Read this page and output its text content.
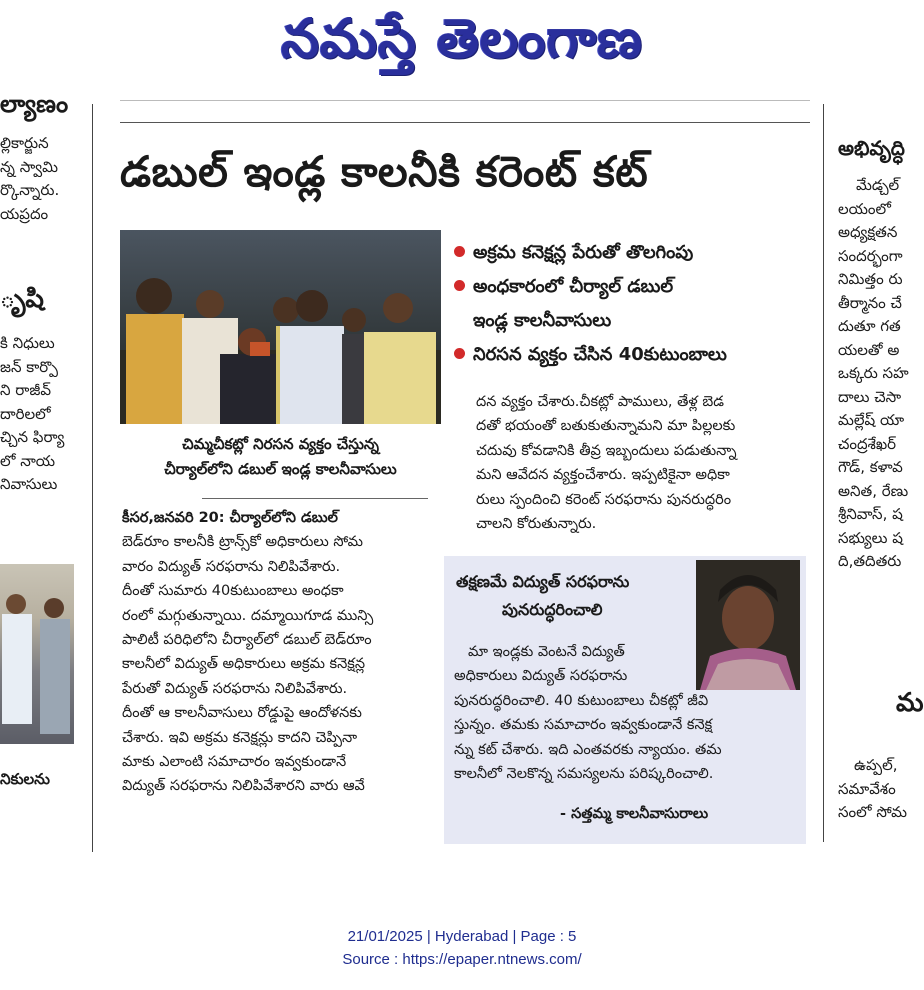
నమస్తే తెలంగాణ
ల్యాణం

ల్లికార్జున

న్న స్వామి

ర్కొన్నారు.

యప్రదం

ృషి

కి నిధులు

జన్ కార్పొ

ని రాజీవ్

దారిలలో

చ్చిన ఫిర్యా

లో నాయ

నివాసులు

నికులను
డబుల్ ఇండ్ల కాలనీకి కరెంట్ కట్
చిమ్మచీకట్లో నిరసన వ్యక్తం చేస్తున్న
చీర్యాల్‌లోని డబుల్ ఇండ్ల కాలనీవాసులు
అక్రమ కనెక్షన్ల పేరుతో తొలగింపు
అంధకారంలో చీర్యాల్ డబుల్
ఇండ్ల కాలనీవాసులు
నిరసన వ్యక్తం చేసిన 40కుటుంబాలు
కీసర,జనవరి 20: చీర్యాల్‌లోని డబుల్
బెడ్‌రూం కాలనీకి ట్రాన్స్‌కో అధికారులు సోమ
వారం విద్యుత్ సరఫరాను నిలిపివేశారు.
దీంతో సుమారు 40కుటుంబాలు అంధకా
రంలో మగ్గుతున్నాయి. దమ్మాయిగూడ మున్సి
పాలిటీ పరిధిలోని చీర్యాల్‌లో డబుల్ బెడ్‌రూం
కాలనీలో విద్యుత్ అధికారులు అక్రమ కనెక్షన్ల
పేరుతో విద్యుత్ సరఫరాను నిలిపివేశారు.
దీంతో ఆ కాలనీవాసులు రోడ్డుపై ఆందోళనకు
చేశారు. ఇవి అక్రమ కనెక్షన్లు కాదని చెప్పినా
మాకు ఎలాంటి సమాచారం ఇవ్వకుండానే
విద్యుత్ సరఫరాను నిలిపివేశారని వారు ఆవే
దన వ్యక్తం చేశారు.చీకట్లో పాములు, తేళ్ల బెడ
దతో భయంతో బతుకుతున్నామని మా పిల్లలకు
చదువు కోవడానికి తీవ్ర ఇబ్బందులు పడుతున్నా
మని ఆవేదన వ్యక్తంచేశారు. ఇప్పటికైనా అధికా
రులు స్పందించి కరెంట్ సరఫరాను పునరుద్ధరిం
చాలని కోరుతున్నారు.
తక్షణమే విద్యుత్ సరఫరాను
పునరుద్ధరించాలి
మా ఇండ్లకు వెంటనే విద్యుత్
అధికారులు విద్యుత్ సరఫరాను
పునరుద్ధరించాలి. 40 కుటుంబాలు చీకట్లో జీవి
స్తున్నం. తమకు సమాచారం ఇవ్వకుండానే కనెక్ష
న్ను కట్ చేశారు. ఇది ఎంతవరకు న్యాయం. తమ
కాలనీలో నెలకొన్న సమస్యలను పరిష్కరించాలి.
- సత్తమ్మ కాలనీవాసురాలు
అభివృద్ధి

మేడ్చల్

లయంలో

అధ్యక్షతన

సందర్భంగా

నిమిత్తం రు

తీర్మానం చే

దుతూ గత

యలతో అ

ఒక్కరు సహ

దాలు చెసా

మల్లేష్ యా

చంద్రశేఖర్

గౌడ్, కళావ

అనిత, రేణు

శ్రీనివాస్, ష

సభ్యులు ష

ది,తదితరు

మ

ఉప్పల్,

సమావేశం

సంలో సోమ

21/01/2025 | Hyderabad | Page : 5
Source : https://epaper.ntnews.com/
